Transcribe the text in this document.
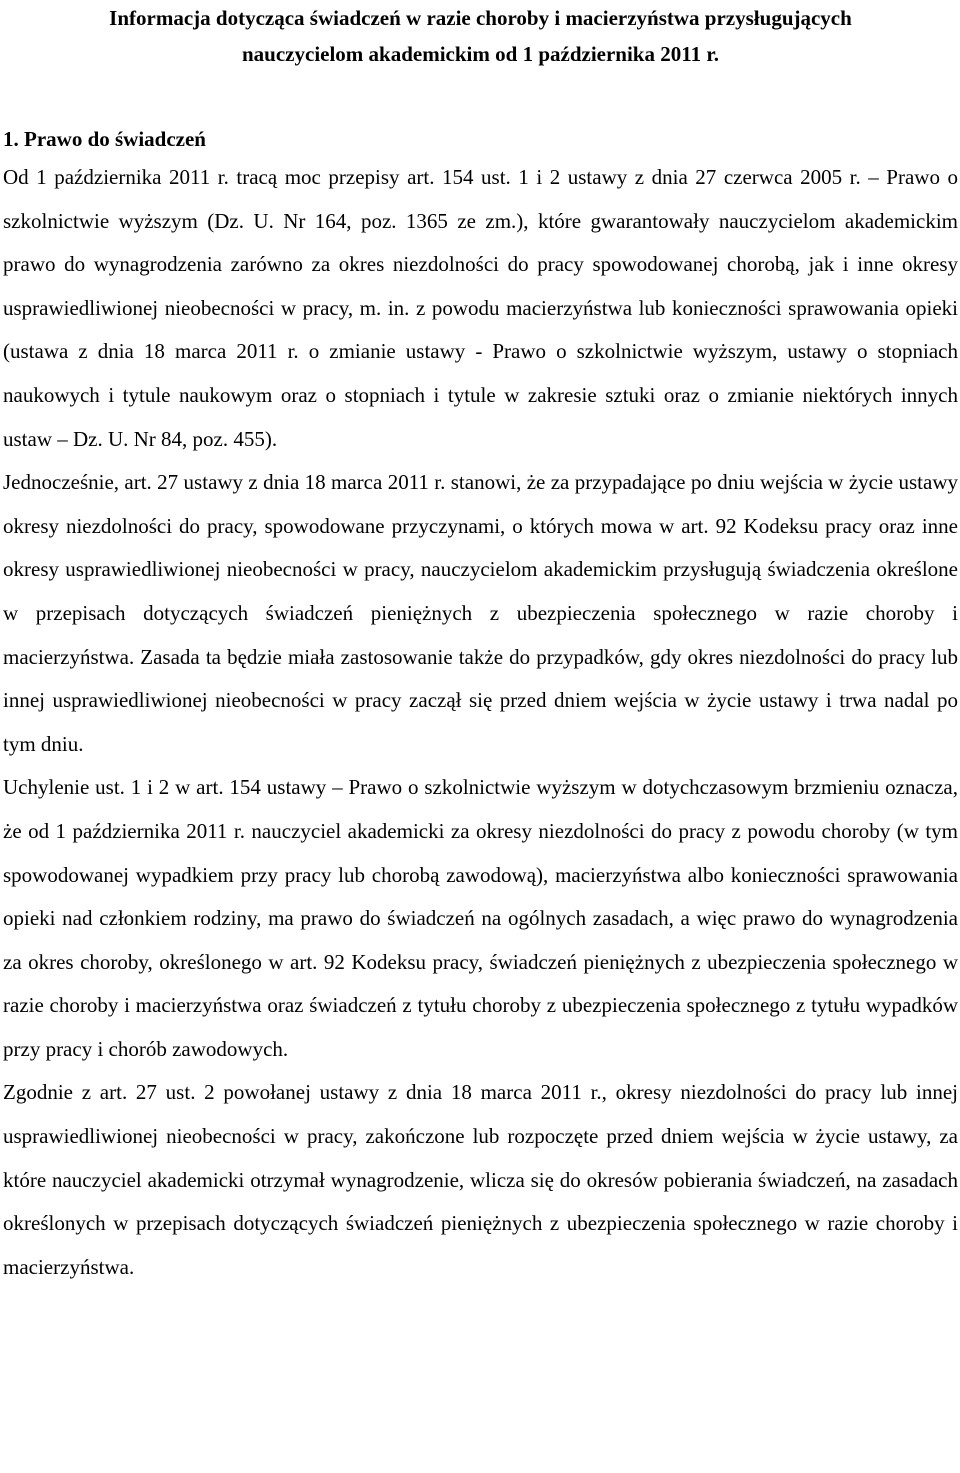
Informacja dotycząca świadczeń w razie choroby i macierzyństwa przysługujących
nauczycielom akademickim od 1 października 2011 r.

1. Prawo do świadczeń

Od 1 października 2011 r. tracą moc przepisy art. 154 ust. 1 i 2 ustawy z dnia 27 czerwca 2005 r. – Prawo o szkolnictwie wyższym (Dz. U. Nr 164, poz. 1365 ze zm.), które gwarantowały nauczycielom akademickim prawo do wynagrodzenia zarówno za okres niezdolności do pracy spowodowanej chorobą, jak i inne okresy usprawiedliwionej nieobecności w pracy, m. in. z powodu macierzyństwa lub konieczności sprawowania opieki (ustawa z dnia 18 marca 2011 r. o zmianie ustawy - Prawo o szkolnictwie wyższym, ustawy o stopniach naukowych i tytule naukowym oraz o stopniach i tytule w zakresie sztuki oraz o zmianie niektórych innych ustaw – Dz. U. Nr 84, poz. 455).

Jednocześnie, art. 27 ustawy z dnia 18 marca 2011 r. stanowi, że za przypadające po dniu wejścia w życie ustawy okresy niezdolności do pracy, spowodowane przyczynami, o których mowa w art. 92 Kodeksu pracy oraz inne okresy usprawiedliwionej nieobecności w pracy, nauczycielom akademickim przysługują świadczenia określone w przepisach dotyczących świadczeń pieniężnych z ubezpieczenia społecznego w razie choroby i macierzyństwa. Zasada ta będzie miała zastosowanie także do przypadków, gdy okres niezdolności do pracy lub innej usprawiedliwionej nieobecności w pracy zaczął się przed dniem wejścia w życie ustawy i trwa nadal po tym dniu.

Uchylenie ust. 1 i 2 w art. 154 ustawy – Prawo o szkolnictwie wyższym w dotychczasowym brzmieniu oznacza, że od 1 października 2011 r. nauczyciel akademicki za okresy niezdolności do pracy z powodu choroby (w tym spowodowanej wypadkiem przy pracy lub chorobą zawodową), macierzyństwa albo konieczności sprawowania opieki nad członkiem rodziny, ma prawo do świadczeń na ogólnych zasadach, a więc prawo do wynagrodzenia za okres choroby, określonego w art. 92 Kodeksu pracy, świadczeń pieniężnych z ubezpieczenia społecznego w razie choroby i macierzyństwa oraz świadczeń z tytułu choroby z ubezpieczenia społecznego z tytułu wypadków przy pracy i chorób zawodowych.

Zgodnie z art. 27 ust. 2 powołanej ustawy z dnia 18 marca 2011 r., okresy niezdolności do pracy lub innej usprawiedliwionej nieobecności w pracy, zakończone lub rozpoczęte przed dniem wejścia w życie ustawy, za które nauczyciel akademicki otrzymał wynagrodzenie, wlicza się do okresów pobierania świadczeń, na zasadach określonych w przepisach dotyczących świadczeń pieniężnych z ubezpieczenia społecznego w razie choroby i macierzyństwa.
